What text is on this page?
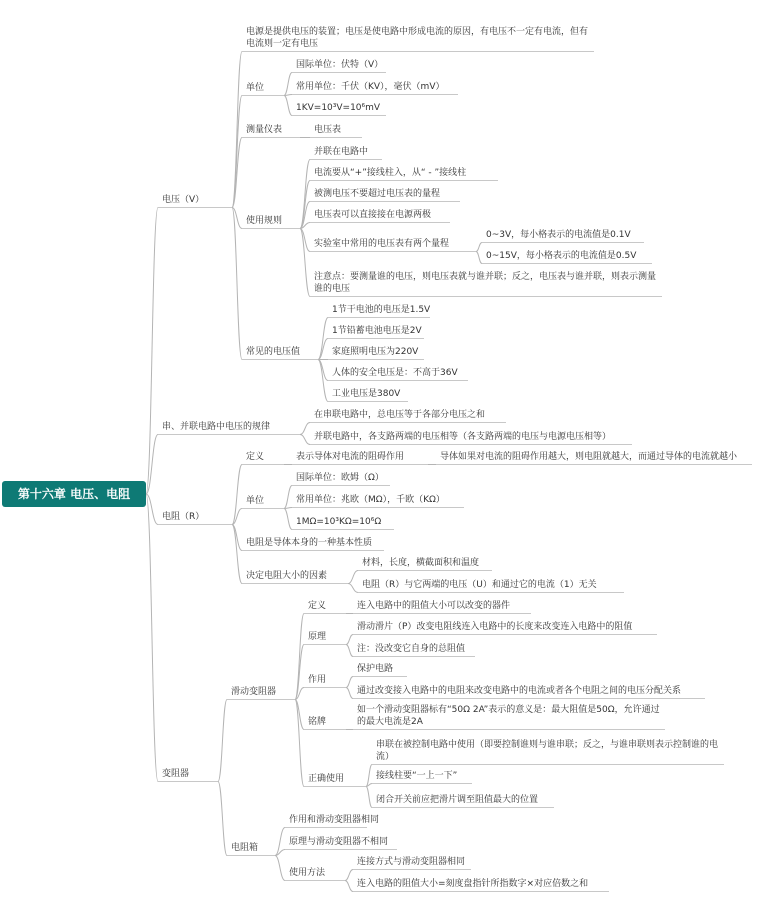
第十六章 电压、电阻
电压（V）
电源是提供电压的装置；电压是使电路中形成电流的原因，有电压不一定有电流，但有电流则一定有电压
单位
国际单位：伏特（V）
常用单位：千伏（KV），毫伏（mV）
1KV=10³V=10⁶mV
测量仪表	电压表
使用规则
并联在电路中
电流要从“+”接线柱入，从“ - ”接线柱
被测电压不要超过电压表的量程
电压表可以直接接在电源两极
实验室中常用的电压表有两个量程
0~3V，每小格表示的电流值是0.1V
0~15V，每小格表示的电流值是0.5V
注意点：要测量谁的电压，则电压表就与谁并联；反之，电压表与谁并联，则表示测量谁的电压
常见的电压值
1节干电池的电压是1.5V
1节铅蓄电池电压是2V
家庭照明电压为220V
人体的安全电压是：不高于36V
工业电压是380V
串、并联电路中电压的规律
在串联电路中，总电压等于各部分电压之和
并联电路中，各支路两端的电压相等（各支路两端的电压与电源电压相等）
电阻（R）
定义	表示导体对电流的阻碍作用	导体如果对电流的阻碍作用越大，则电阻就越大，而通过导体的电流就越小
单位
国际单位：欧姆（Ω）
常用单位：兆欧（MΩ），千欧（KΩ）
1MΩ=10³KΩ=10⁶Ω
电阻是导体本身的一种基本性质
决定电阻大小的因素
材料，长度，横截面积和温度
电阻（R）与它两端的电压（U）和通过它的电流（1）无关
变阻器
滑动变阻器
定义	连入电路中的阻值大小可以改变的器件
原理
滑动滑片（P）改变电阻线连入电路中的长度来改变连入电路中的阻值
注：没改变它自身的总阻值
作用
保护电路
通过改变接入电路中的电阻来改变电路中的电流或者各个电阻之间的电压分配关系
铭牌
如一个滑动变阻器标有“50Ω 2A”表示的意义是：最大阻值是50Ω，允许通过的最大电流是2A
正确使用
串联在被控制电路中使用（即要控制谁则与谁串联；反之，与谁串联则表示控制谁的电流）
接线柱要“一上一下”
闭合开关前应把滑片调至阻值最大的位置
电阻箱
作用和滑动变阻器相同
原理与滑动变阻器不相同
使用方法
连接方式与滑动变阻器相同
连入电路的阻值大小=刻度盘指针所指数字×对应倍数之和
